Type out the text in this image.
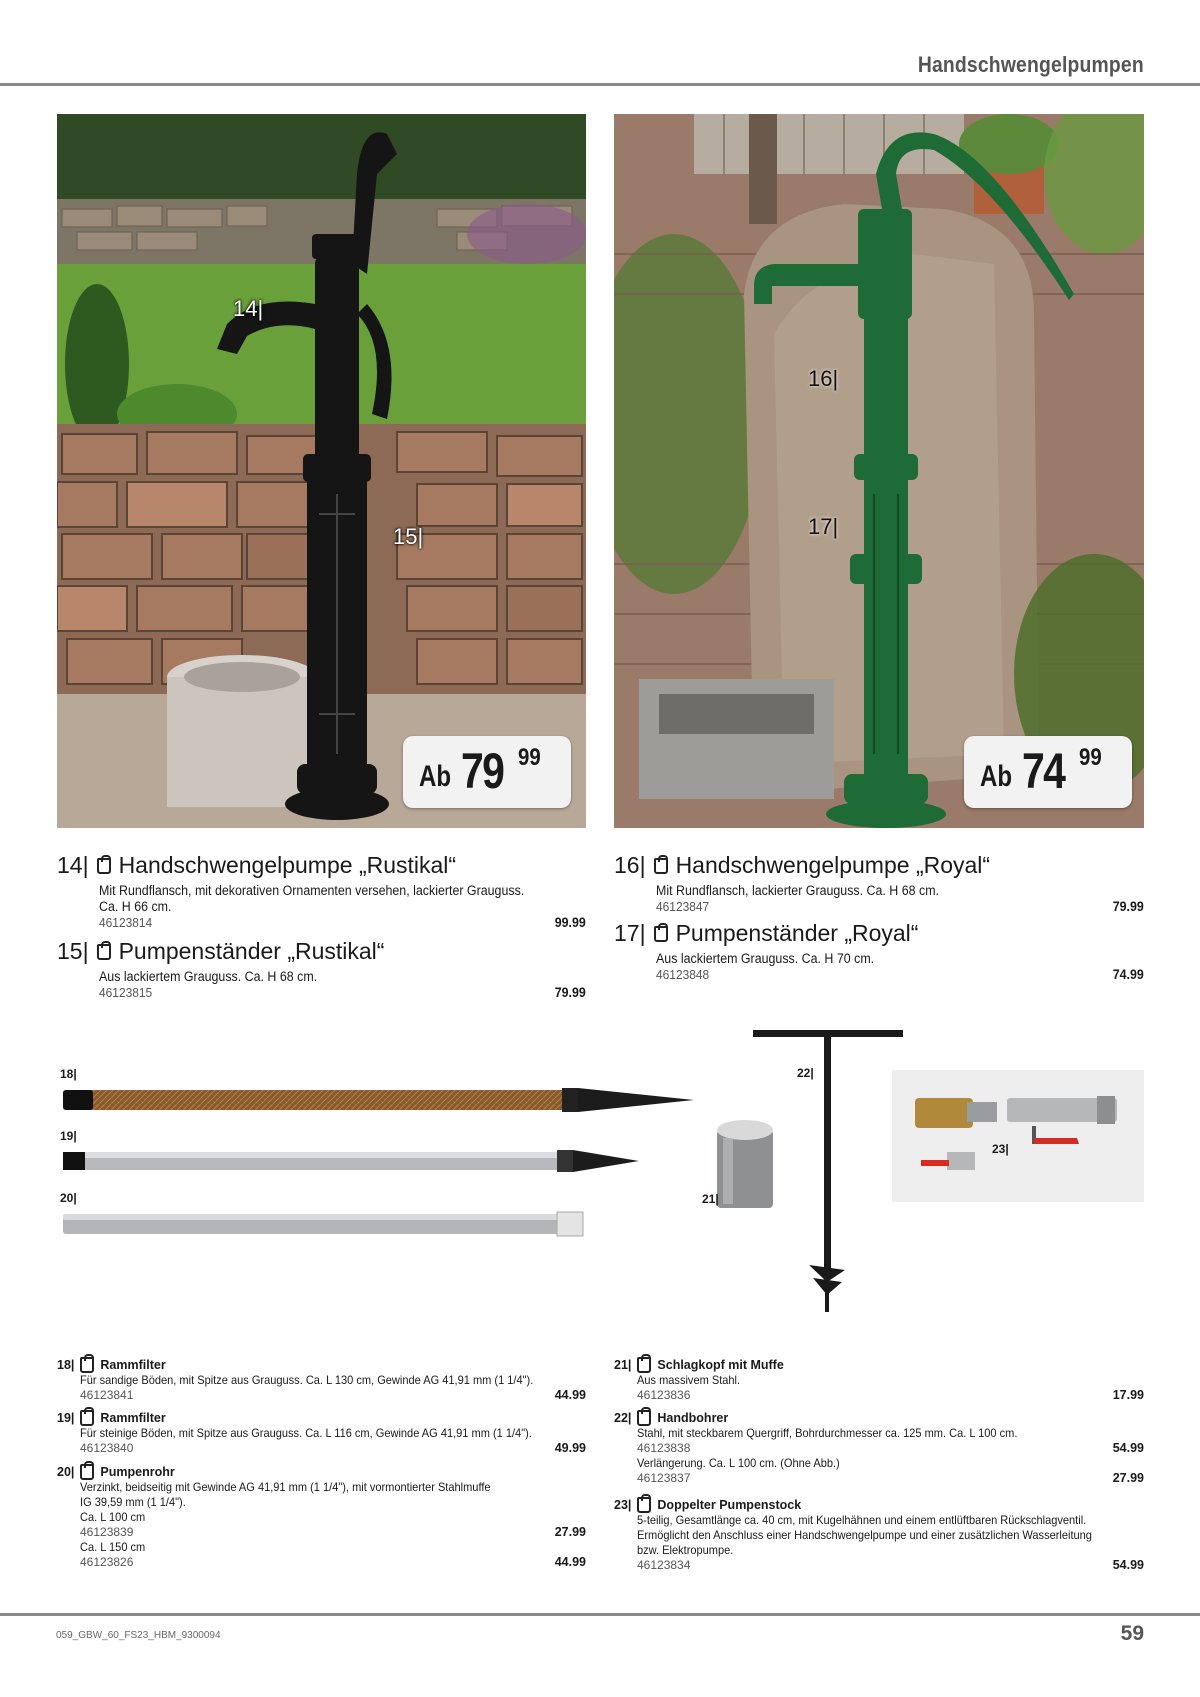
Handschwengelpumpen
14|
15|
Ab 79 99
16|
17|
Ab 74 99
14| Handschwengelpumpe „Rustikal“
Mit Rundflansch, mit dekorativen Ornamenten versehen, lackierter Grauguss.
Ca. H 66 cm.
46123814	99.99
15| Pumpenständer „Rustikal“
Aus lackiertem Grauguss. Ca. H 68 cm.
46123815	79.99
16| Handschwengelpumpe „Royal“
Mit Rundflansch, lackierter Grauguss. Ca. H 68 cm.
46123847	79.99
17| Pumpenständer „Royal“
Aus lackiertem Grauguss. Ca. H 70 cm.
46123848	74.99
18|
19|
20|	21|
22|
23|
18| Rammfilter
Für sandige Böden, mit Spitze aus Grauguss. Ca. L 130 cm, Gewinde AG 41,91 mm (1 1/4").
46123841	44.99
19| Rammfilter
Für steinige Böden, mit Spitze aus Grauguss. Ca. L 116 cm, Gewinde AG 41,91 mm (1 1/4").
46123840	49.99
20| Pumpenrohr
Verzinkt, beidseitig mit Gewinde AG 41,91 mm (1 1/4"), mit vormontierter Stahlmuffe
IG 39,59 mm (1 1/4").
Ca. L 100 cm
46123839	27.99
Ca. L 150 cm
46123826	44.99
21| Schlagkopf mit Muffe
Aus massivem Stahl.
46123836	17.99
22| Handbohrer
Stahl, mit steckbarem Quergriff, Bohrdurchmesser ca. 125 mm. Ca. L 100 cm.
46123838	54.99
Verlängerung. Ca. L 100 cm. (Ohne Abb.)
46123837	27.99
23| Doppelter Pumpenstock
5-teilig, Gesamtlänge ca. 40 cm, mit Kugelhähnen und einem entlüftbaren Rückschlagventil.
Ermöglicht den Anschluss einer Handschwengelpumpe und einer zusätzlichen Wasserleitung
bzw. Elektropumpe.
46123834	54.99
059_GBW_60_FS23_HBM_9300094	59
